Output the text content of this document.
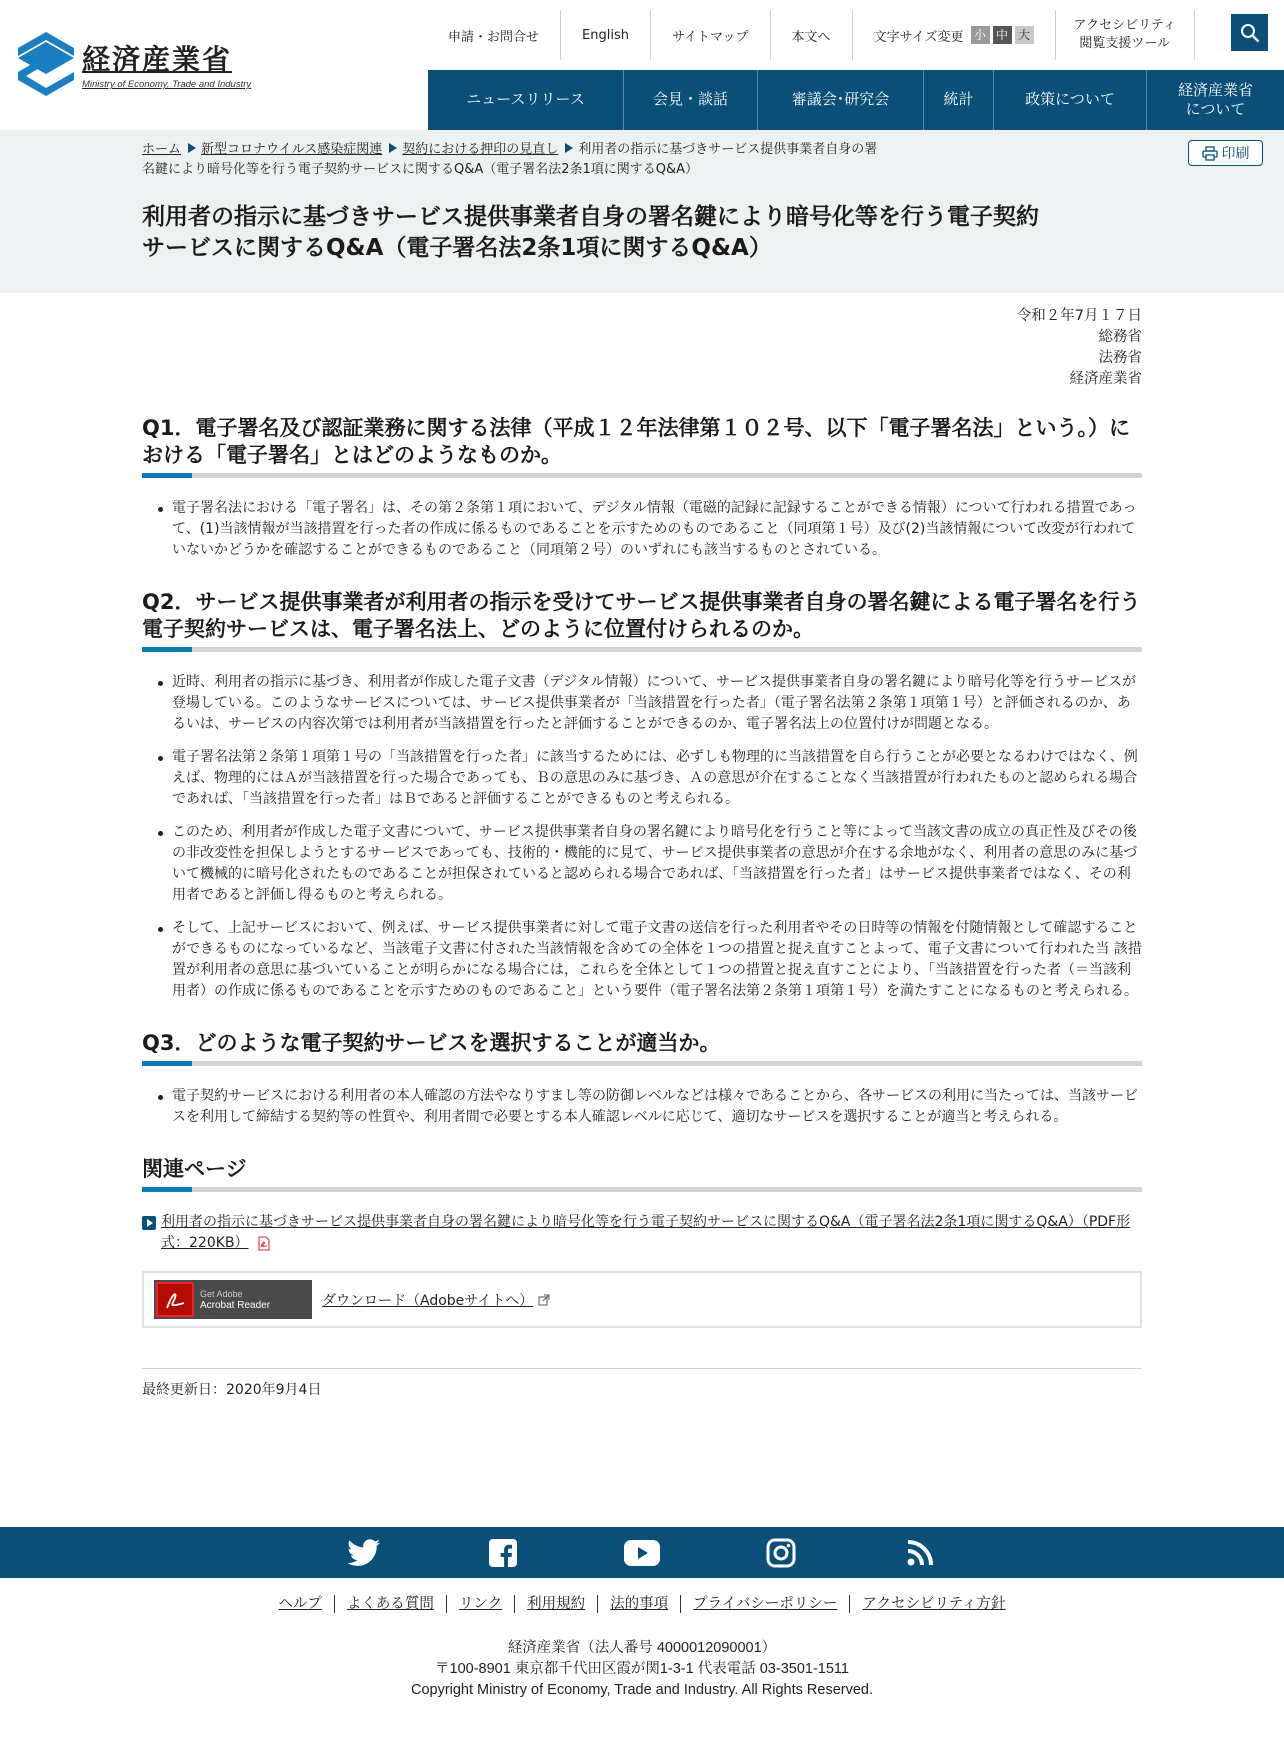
経済産業省
Ministry of Economy, Trade and Industry
申請・お問合せ	English	サイトマップ	本文へ	文字サイズ変更 小 中 大
アクセシビリティ
閲覧支援ツール
ニュースリリース	会見・談話	審議会･研究会	統計	政策について
経済産業省
について
ホーム 新型コロナウイルス感染症関連 契約における押印の見直し 利用者の指示に基づきサービス提供事業者自身の署
名鍵により暗号化等を行う電子契約サービスに関するQ&A（電子署名法2条1項に関するQ&A）
印刷
利用者の指示に基づきサービス提供事業者自身の署名鍵により暗号化等を行う電子契約
サービスに関するQ&A（電子署名法2条1項に関するQ&A）
令和２年7月１７日
総務省
法務省
経済産業省
Q1．電子署名及び認証業務に関する法律（平成１２年法律第１０２号、以下「電子署名法」という。）における「電子署名」とはどのようなものか。
電子署名法における「電子署名」は、その第２条第１項において、デジタル情報（電磁的記録に記録することができる情報）について行われる措置であって、(1)当該情報が当該措置を行った者の作成に係るものであることを示すためのものであること（同項第１号）及び(2)当該情報について改変が行われていないかどうかを確認することができるものであること（同項第２号）のいずれにも該当するものとされている。
Q2．サービス提供事業者が利用者の指示を受けてサービス提供事業者自身の署名鍵による電子署名を行う電子契約サービスは、電子署名法上、どのように位置付けられるのか。
近時、利用者の指示に基づき、利用者が作成した電子文書（デジタル情報）について、サービス提供事業者自身の署名鍵により暗号化等を行うサービスが登場している。このようなサービスについては、サービス提供事業者が「当該措置を行った者」（電子署名法第２条第１項第１号）と評価されるのか、あるいは、サービスの内容次第では利用者が当該措置を行ったと評価することができるのか、電子署名法上の位置付けが問題となる。
電子署名法第２条第１項第１号の「当該措置を行った者」に該当するためには、必ずしも物理的に当該措置を自ら行うことが必要となるわけではなく、例えば、物理的にはＡが当該措置を行った場合であっても、Ｂの意思のみに基づき、Ａの意思が介在することなく当該措置が行われたものと認められる場合であれば、「当該措置を行った者」はＢであると評価することができるものと考えられる。
このため、利用者が作成した電子文書について、サービス提供事業者自身の署名鍵により暗号化を行うこと等によって当該文書の成立の真正性及びその後の非改変性を担保しようとするサービスであっても、技術的・機能的に見て、サービス提供事業者の意思が介在する余地がなく、利用者の意思のみに基づいて機械的に暗号化されたものであることが担保されていると認められる場合であれば、「当該措置を行った者」はサービス提供事業者ではなく、その利用者であると評価し得るものと考えられる。
そして、上記サービスにおいて、例えば、サービス提供事業者に対して電子文書の送信を行った利用者やその日時等の情報を付随情報として確認することができるものになっているなど、当該電子文書に付された当該情報を含めての全体を１つの措置と捉え直すことよって、電子文書について行われた当 該措置が利用者の意思に基づいていることが明らかになる場合には，これらを全体として１つの措置と捉え直すことにより、「当該措置を行った者（＝当該利用者）の作成に係るものであることを示すためのものであること」という要件（電子署名法第２条第１項第１号）を満たすことになるものと考えられる。
Q3．どのような電子契約サービスを選択することが適当か。
電子契約サービスにおける利用者の本人確認の方法やなりすまし等の防御レベルなどは様々であることから、各サービスの利用に当たっては、当該サービスを利用して締結する契約等の性質や、利用者間で必要とする本人確認レベルに応じて、適切なサービスを選択することが適当と考えられる。
関連ページ
利用者の指示に基づきサービス提供事業者自身の署名鍵により暗号化等を行う電子契約サービスに関するQ&A（電子署名法2条1項に関するQ&A）（PDF形式：220KB）
Get Adobe
Acrobat Reader	ダウンロード（Adobeサイトへ）
最終更新日：2020年9月4日
ヘルプ	よくある質問	リンク	利用規約	法的事項	プライバシーポリシー	アクセシビリティ方針
経済産業省（法人番号 4000012090001）
〒100-8901 東京都千代田区霞が関1-3-1 代表電話 03-3501-1511
Copyright Ministry of Economy, Trade and Industry. All Rights Reserved.
